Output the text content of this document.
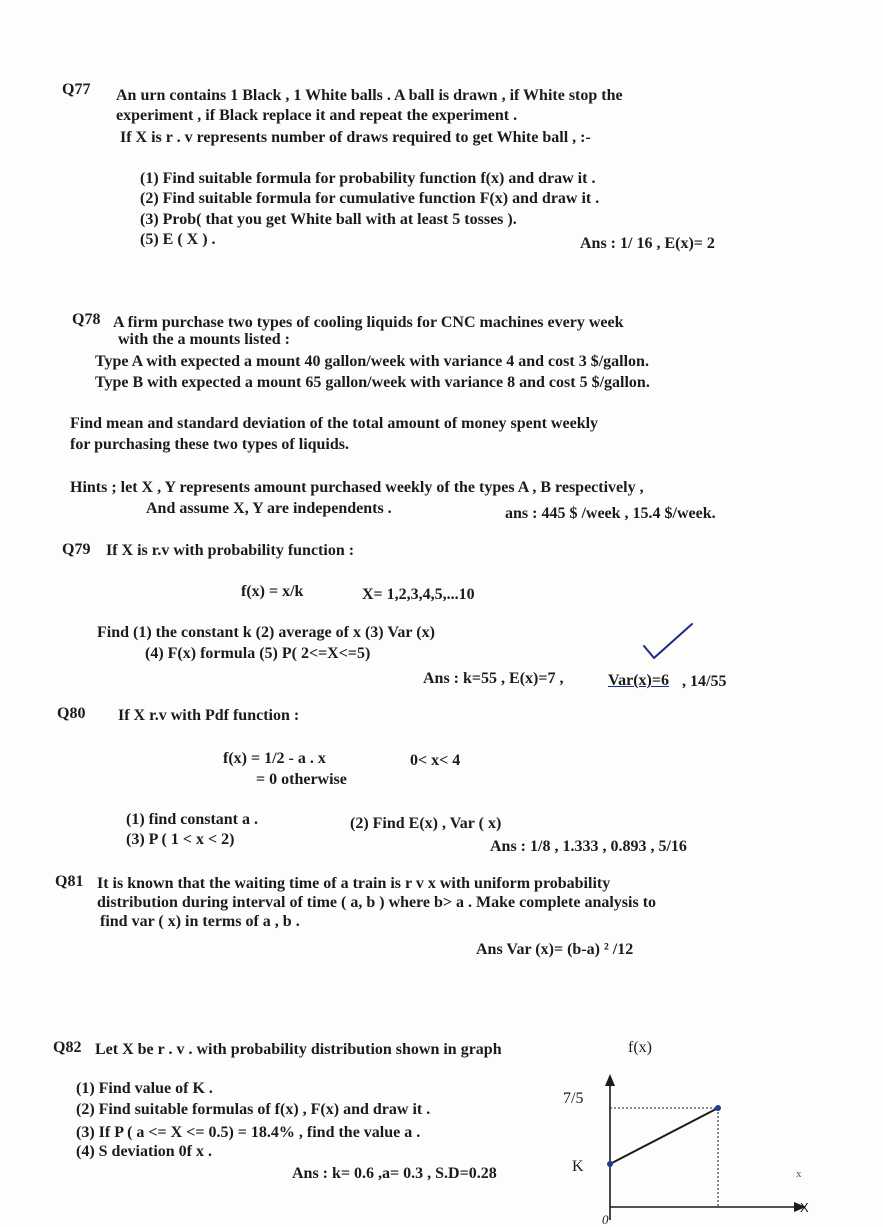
Q77 An urn contains 1 Black , 1 White balls . A ball is drawn , if White stop the
experiment , if Black replace it and repeat the experiment .
If X is r . v represents number of draws required to get White ball , :-
(1) Find suitable formula for probability function f(x) and draw it .
(2) Find suitable formula for cumulative function F(x) and draw it .
(3) Prob( that you get White ball with at least 5 tosses ).
(5) E ( X ) .	Ans : 1/ 16 , E(x)= 2
Q78 A firm purchase two types of cooling liquids for CNC machines every week
with the a mounts listed :
Type A with expected a mount 40 gallon/week with variance 4 and cost 3 $/gallon.
Type B with expected a mount 65 gallon/week with variance 8 and cost 5 $/gallon.
Find mean and standard deviation of the total amount of money spent weekly
for purchasing these two types of liquids.
Hints ; let X , Y represents amount purchased weekly of the types A , B respectively ,
And assume X, Y are independents .	ans : 445 $ /week , 15.4 $/week.
Q79 If X is r.v with probability function :
f(x) = x/k	X= 1,2,3,4,5,...10
Find (1) the constant k (2) average of x (3) Var (x)
(4) F(x) formula (5) P( 2<=X<=5)
Ans : k=55 , E(x)=7 ,	Var(x)=6 , 14/55
Q80 If X r.v with Pdf function :
f(x) = 1/2 - a . x	0< x< 4
= 0 otherwise
(1) find constant a .	(2) Find E(x) , Var ( x)
(3) P ( 1 < x < 2)	Ans : 1/8 , 1.333 , 0.893 , 5/16
Q81 It is known that the waiting time of a train is r v x with uniform probability
distribution during interval of time ( a, b ) where b> a . Make complete analysis to
find var ( x) in terms of a , b .
Ans Var (x)= (b-a) ² /12
Q82 Let X be r . v . with probability distribution shown in graph
(1) Find value of K .
(2) Find suitable formulas of f(x) , F(x) and draw it .
(3) If P ( a <= X <= 0.5) = 18.4% , find the value a .
(4) S deviation 0f x .
Ans : k= 0.6 ,a= 0.3 , S.D=0.28
f(x)
7/5
K	x
X
0
